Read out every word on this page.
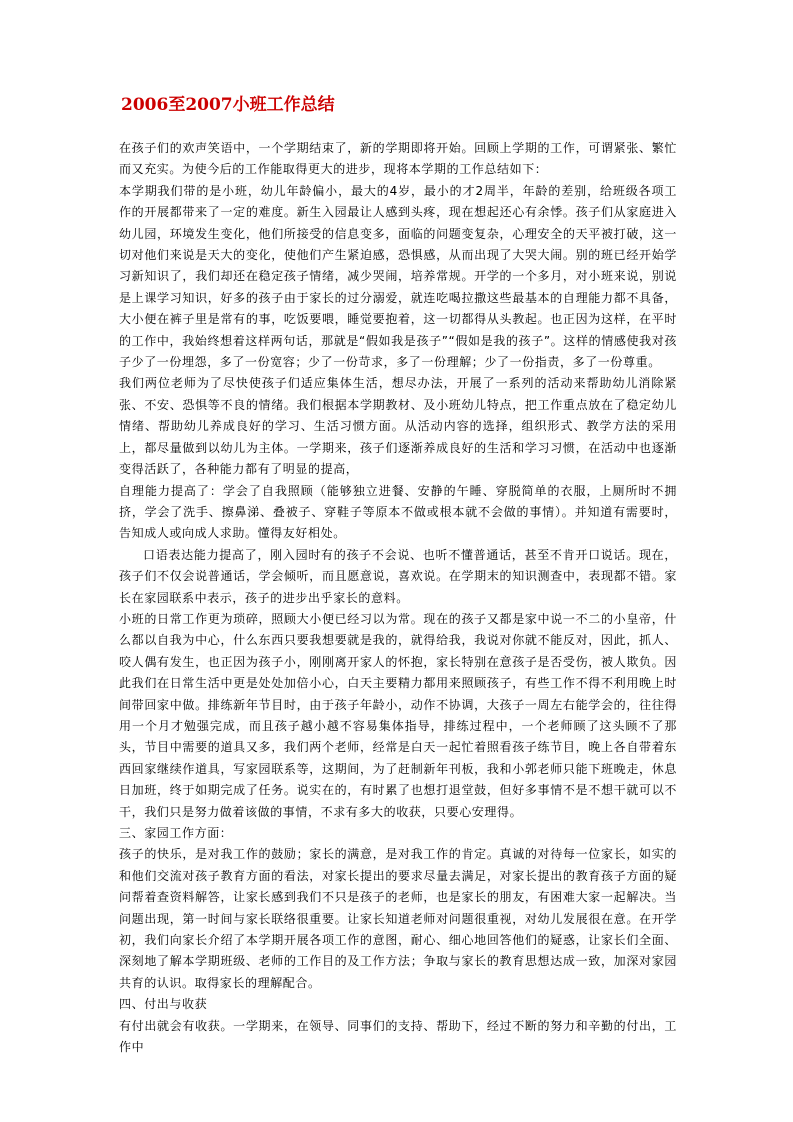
2006至2007小班工作总结

在孩子们的欢声笑语中，一个学期结束了，新的学期即将开始。回顾上学期的工作，可谓紧张、繁忙而又充实。为使今后的工作能取得更大的进步，现将本学期的工作总结如下：

本学期我们带的是小班，幼儿年龄偏小，最大的4岁，最小的才2周半，年龄的差别，给班级各项工作的开展都带来了一定的难度。新生入园最让人感到头疼，现在想起还心有余悸。孩子们从家庭进入幼儿园，环境发生变化，他们所接受的信息变多，面临的问题变复杂，心理安全的天平被打破，这一切对他们来说是天大的变化，使他们产生紧迫感，恐惧感，从而出现了大哭大闹。别的班已经开始学习新知识了，我们却还在稳定孩子情绪，减少哭闹，培养常规。开学的一个多月，对小班来说，别说是上课学习知识，好多的孩子由于家长的过分溺爱，就连吃喝拉撒这些最基本的自理能力都不具备，大小便在裤子里是常有的事，吃饭要喂，睡觉要抱着，这一切都得从头教起。也正因为这样，在平时的工作中，我始终想着这样两句话，那就是“假如我是孩子”“假如是我的孩子”。这样的情感使我对孩子少了一份埋怨，多了一份宽容；少了一份苛求，多了一份理解；少了一份指责，多了一份尊重。

我们两位老师为了尽快使孩子们适应集体生活，想尽办法，开展了一系列的活动来帮助幼儿消除紧张、不安、恐惧等不良的情绪。我们根据本学期教材、及小班幼儿特点，把工作重点放在了稳定幼儿情绪、帮助幼儿养成良好的学习、生活习惯方面。从活动内容的选择，组织形式、教学方法的采用上，都尽量做到以幼儿为主体。一学期来，孩子们逐渐养成良好的生活和学习习惯，在活动中也逐渐变得活跃了，各种能力都有了明显的提高，

自理能力提高了：学会了自我照顾（能够独立进餐、安静的午睡、穿脱简单的衣服，上厕所时不拥挤，学会了洗手、擦鼻涕、叠被子、穿鞋子等原本不做或根本就不会做的事情）。并知道有需要时，告知成人或向成人求助。懂得友好相处。

口语表达能力提高了，刚入园时有的孩子不会说、也听不懂普通话，甚至不肯开口说话。现在，孩子们不仅会说普通话，学会倾听，而且愿意说，喜欢说。在学期末的知识测查中，表现都不错。家长在家园联系中表示，孩子的进步出乎家长的意料。

小班的日常工作更为琐碎，照顾大小便已经习以为常。现在的孩子又都是家中说一不二的小皇帝，什么都以自我为中心，什么东西只要我想要就是我的，就得给我，我说对你就不能反对，因此，抓人、咬人偶有发生，也正因为孩子小，刚刚离开家人的怀抱，家长特别在意孩子是否受伤，被人欺负。因此我们在日常生活中更是处处加倍小心，白天主要精力都用来照顾孩子，有些工作不得不利用晚上时间带回家中做。排练新年节目时，由于孩子年龄小，动作不协调，大孩子一周左右能学会的，往往得用一个月才勉强完成，而且孩子越小越不容易集体指导，排练过程中，一个老师顾了这头顾不了那头，节目中需要的道具又多，我们两个老师，经常是白天一起忙着照看孩子练节目，晚上各自带着东西回家继续作道具，写家园联系等，这期间，为了赶制新年刊板，我和小郭老师只能下班晚走，休息日加班，终于如期完成了任务。说实在的，有时累了也想打退堂鼓，但好多事情不是不想干就可以不干，我们只是努力做着该做的事情，不求有多大的收获，只要心安理得。

三、家园工作方面：

孩子的快乐，是对我工作的鼓励；家长的满意，是对我工作的肯定。真诚的对待每一位家长，如实的和他们交流对孩子教育方面的看法，对家长提出的要求尽量去满足，对家长提出的教育孩子方面的疑问帮着查资料解答，让家长感到我们不只是孩子的老师，也是家长的朋友，有困难大家一起解决。当问题出现，第一时间与家长联络很重要。让家长知道老师对问题很重视，对幼儿发展很在意。在开学初，我们向家长介绍了本学期开展各项工作的意图，耐心、细心地回答他们的疑惑，让家长们全面、深刻地了解本学期班级、老师的工作目的及工作方法；争取与家长的教育思想达成一致，加深对家园共育的认识。取得家长的理解配合。

四、付出与收获

有付出就会有收获。一学期来，在领导、同事们的支持、帮助下，经过不断的努力和辛勤的付出，工作中
